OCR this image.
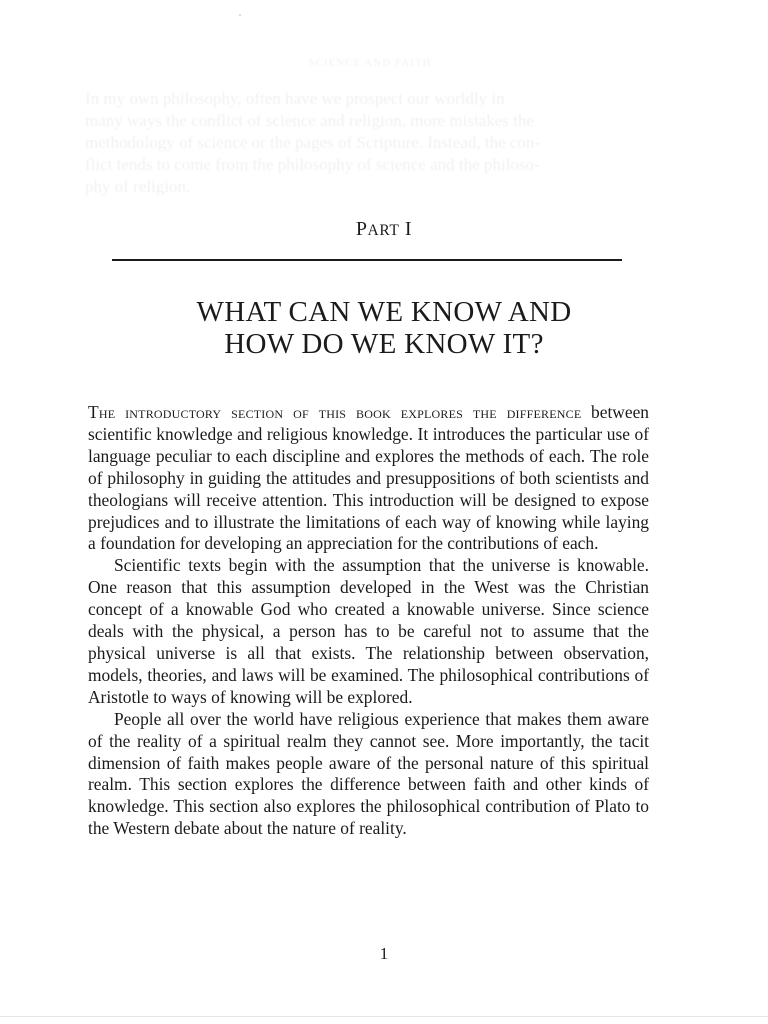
SCIENCE AND FAITH
In my own philosophy, often have we prospect our worldly in
many ways the conflict of science and religion, more mistakes the
methodology of science or the pages of Scripture. Instead, the con-
flict tends to come from the philosophy of science and the philoso-
phy of religion.
PART I
WHAT CAN WE KNOW AND
HOW DO WE KNOW IT?

The introductory section of this book explores the difference between scientific knowledge and religious knowledge. It introduces the particular use of language peculiar to each discipline and explores the methods of each. The role of philosophy in guiding the attitudes and presuppositions of both scientists and theologians will receive attention. This introduction will be designed to expose prejudices and to illustrate the limitations of each way of knowing while laying a foundation for developing an appreciation for the contributions of each.

Scientific texts begin with the assumption that the universe is knowable. One reason that this assumption developed in the West was the Christian concept of a knowable God who created a knowable universe. Since science deals with the physical, a person has to be careful not to assume that the physical universe is all that exists. The relationship between observation, models, theories, and laws will be examined. The philosophical contributions of Aristotle to ways of knowing will be explored.

People all over the world have religious experience that makes them aware of the reality of a spiritual realm they cannot see. More importantly, the tacit dimension of faith makes people aware of the personal nature of this spiritual realm. This section explores the difference between faith and other kinds of knowledge. This section also explores the philosophical contribution of Plato to the Western debate about the nature of reality.

1
